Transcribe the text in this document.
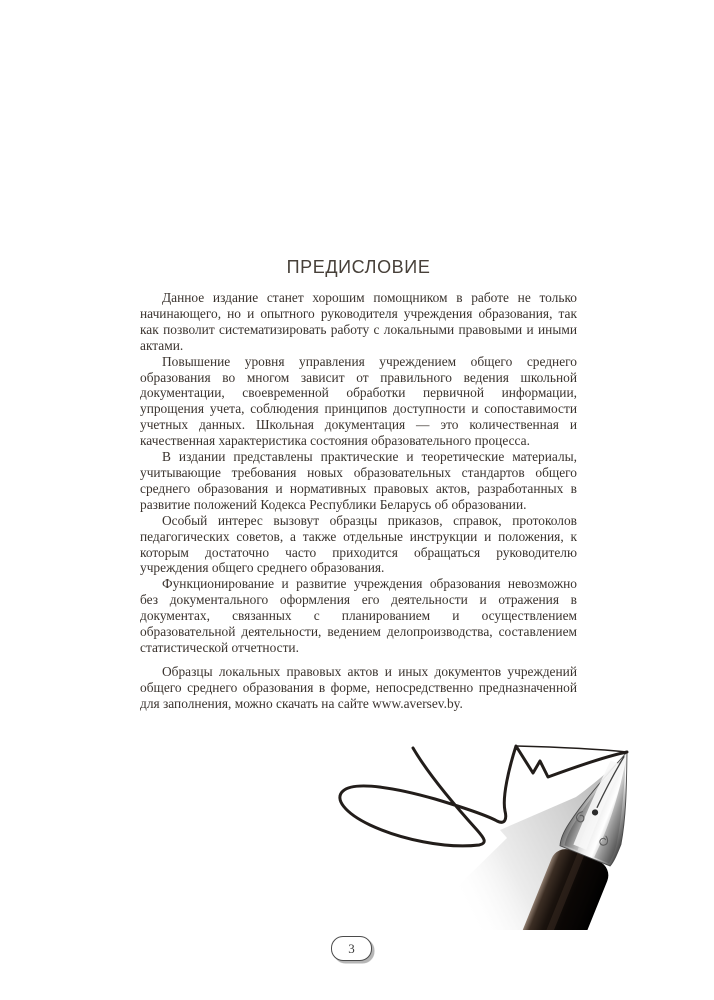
ПРЕДИСЛОВИЕ

Данное издание станет хорошим помощником в работе не только начинающего, но и опытного руководителя учреждения образования, так как позволит систематизировать работу с локальными правовыми и иными актами.

Повышение уровня управления учреждением общего среднего образования во многом зависит от правильного ведения школьной документации, своевременной обработки первичной информации, упрощения учета, соблюдения принципов доступности и сопоставимости учетных данных. Школьная документация — это количественная и качественная характеристика состояния образовательного процесса.

В издании представлены практические и теоретические материалы, учитывающие требования новых образовательных стандартов общего среднего образования и нормативных правовых актов, разработанных в развитие положений Кодекса Республики Беларусь об образовании.

Особый интерес вызовут образцы приказов, справок, протоколов педагогических советов, а также отдельные инструкции и положения, к которым достаточно часто приходится обращаться руководителю учреждения общего среднего образования.

Функционирование и развитие учреждения образования невозможно без документального оформления его деятельности и отражения в документах, связанных с планированием и осуществлением образовательной деятельности, ведением делопроизводства, составлением статистической отчетности.

Образцы локальных правовых актов и иных документов учреждений общего среднего образования в форме, непосредственно предназначенной для заполнения, можно скачать на сайте www.aversev.by.

3
